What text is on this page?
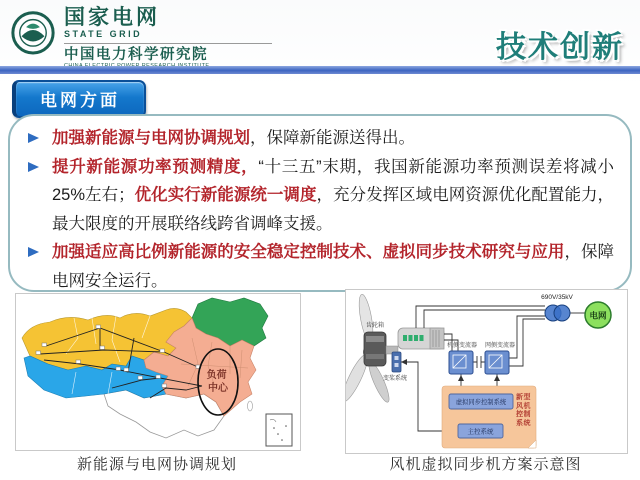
国家电网
STATE GRID
中国电力科学研究院	技术创新
电网方面
加强新能源与电网协调规划，保障新能源送得出。
提升新能源功率预测精度，“十三五”末期，我国新能源功率预测误差将减小25%左右；优化实行新能源统一调度，充分发挥区域电网资源优化配置能力，最大限度的开展联络线跨省调峰支援。
加强适应高比例新能源的安全稳定控制技术、虚拟同步技术研究与应用，保障电网安全运行。
负荷 中心
新能源与电网协调规划
齿轮箱
变桨系统
机侧变流器 网侧变流器
690V/35kV
电网
虚拟同步控制系统
主控系统
新型风机控制系统
风机虚拟同步机方案示意图
